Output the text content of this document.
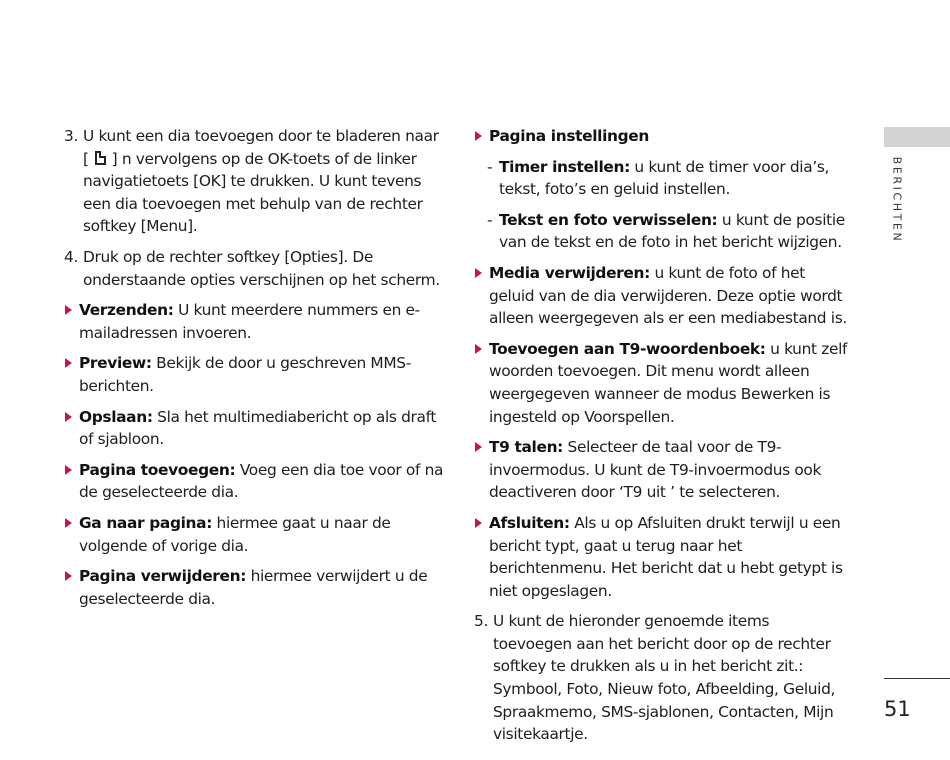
3. U kunt een dia toevoegen door te bladeren naar [ ] n vervolgens op de OK-toets of de linker navigatietoets [OK] te drukken. U kunt tevens een dia toevoegen met behulp van de rechter softkey [Menu].

4. Druk op de rechter softkey [Opties]. De onderstaande opties verschijnen op het scherm.

Verzenden: U kunt meerdere nummers en e-mailadressen invoeren.

Preview: Bekijk de door u geschreven MMS-berichten.

Opslaan: Sla het multimediabericht op als draft of sjabloon.

Pagina toevoegen: Voeg een dia toe voor of na de geselecteerde dia.

Ga naar pagina: hiermee gaat u naar de volgende of vorige dia.

Pagina verwijderen: hiermee verwijdert u de geselecteerde dia.

Pagina instellingen

- Timer instellen: u kunt de timer voor dia’s, tekst, foto’s en geluid instellen.

- Tekst en foto verwisselen: u kunt de positie van de tekst en de foto in het bericht wijzigen.

Media verwijderen: u kunt de foto of het geluid van de dia verwijderen. Deze optie wordt alleen weergegeven als er een mediabestand is.

Toevoegen aan T9-woordenboek: u kunt zelf woorden toevoegen. Dit menu wordt alleen weergegeven wanneer de modus Bewerken is ingesteld op Voorspellen.

T9 talen: Selecteer de taal voor de T9-invoermodus. U kunt de T9-invoermodus ook deactiveren door ‘T9 uit ’ te selecteren.

Afsluiten: Als u op Afsluiten drukt terwijl u een bericht typt, gaat u terug naar het berichtenmenu. Het bericht dat u hebt getypt is niet opgeslagen.

5. U kunt de hieronder genoemde items toevoegen aan het bericht door op de rechter softkey te drukken als u in het bericht zit.: Symbool, Foto, Nieuw foto, Afbeelding, Geluid, Spraakmemo, SMS-sjablonen, Contacten, Mijn visitekaartje.

BERICHTEN
51
